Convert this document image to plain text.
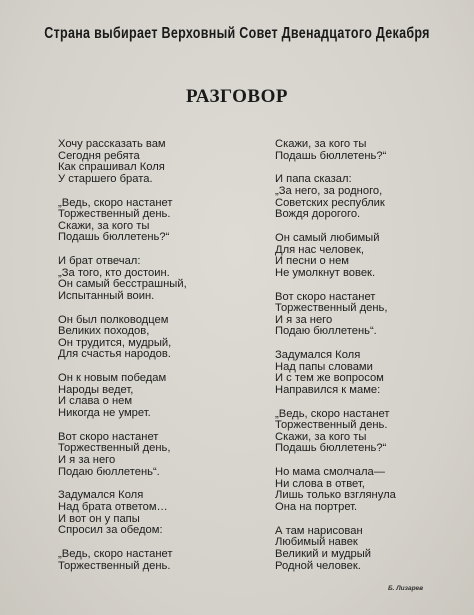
Страна выбирает Верховный Совет Двенадцатого Декабря
РАЗГОВОР
Хочу рассказать вам
Сегодня ребята
Как спрашивал Коля
У старшего брата.
„Ведь, скоро настанет
Торжественный день.
Скажи, за кого ты
Подашь бюллетень?“
И брат отвечал:
„За того, кто достоин.
Он самый бесстрашный,
Испытанный воин.
Он был полководцем
Великих походов,
Он трудится, мудрый,
Для счастья народов.
Он к новым победам
Народы ведет,
И слава о нем
Никогда не умрет.
Вот скоро настанет
Торжественный день,
И я за него
Подаю бюллетень“.
Задумался Коля
Над брата ответом…
И вот он у папы
Спросил за обедом:
„Ведь, скоро настанет
Торжественный день.
Скажи, за кого ты
Подашь бюллетень?“
И папа сказал:
„За него, за родного,
Советских республик
Вождя дорогого.
Он самый любимый
Для нас человек,
И песни о нем
Не умолкнут вовек.
Вот скоро настанет
Торжественный день,
И я за него
Подаю бюллетень“.
Задумался Коля
Над папы словами
И с тем же вопросом
Направился к маме:
„Ведь, скоро настанет
Торжественный день.
Скажи, за кого ты
Подашь бюллетень?“
Но мама смолчала—
Ни слова в ответ,
Лишь только взглянула
Она на портрет.
А там нарисован
Любимый навек
Великий и мудрый
Родной человек.
Б. Лизарев
